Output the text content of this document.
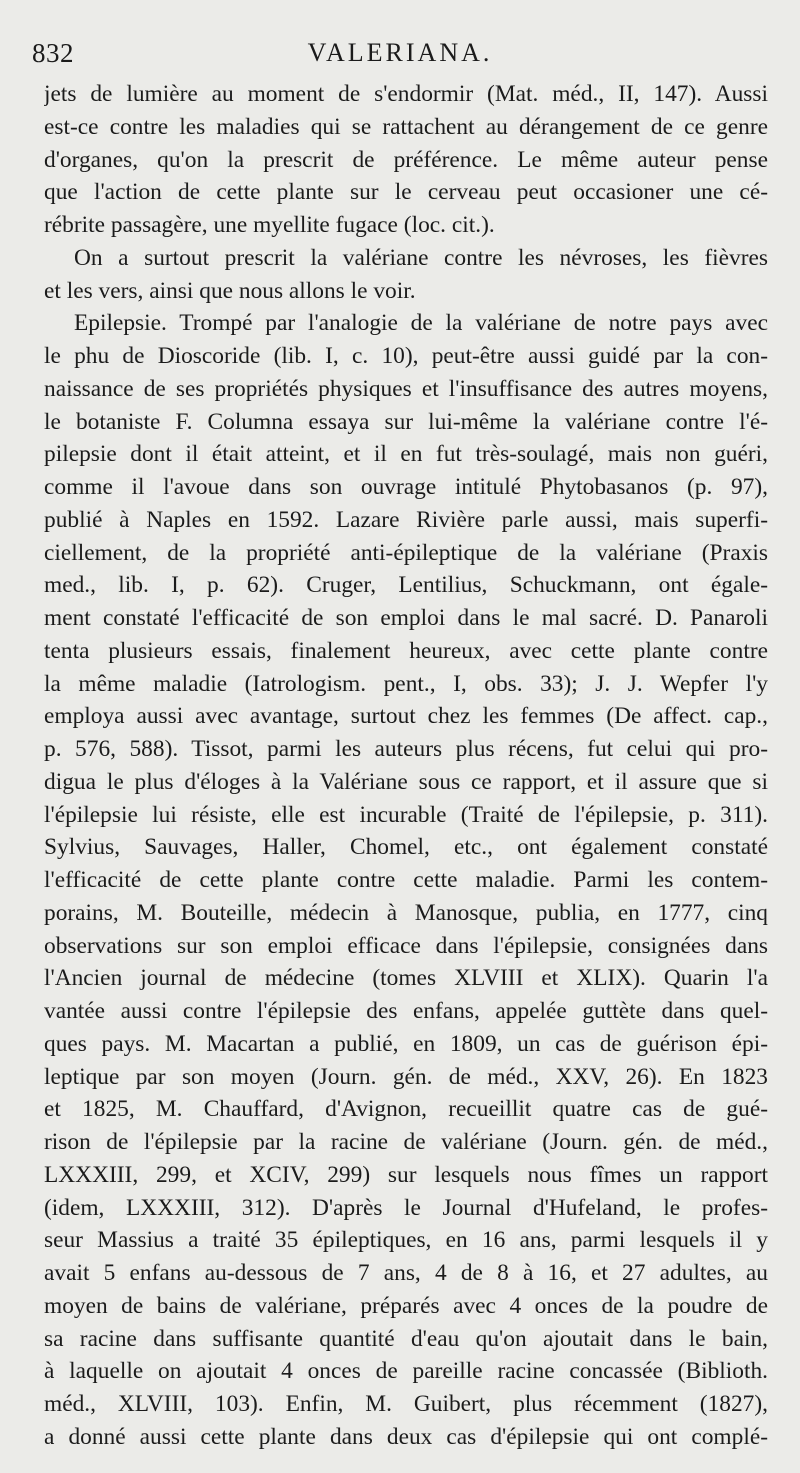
832	VALERIANA.
jets de lumière au moment de s'endormir (Mat. méd., II, 147). Aussi
est-ce contre les maladies qui se rattachent au dérangement de ce genre
d'organes, qu'on la prescrit de préférence. Le même auteur pense
que l'action de cette plante sur le cerveau peut occasioner une cé-
rébrite passagère, une myellite fugace (loc. cit.).
On a surtout prescrit la valériane contre les névroses, les fièvres
et les vers, ainsi que nous allons le voir.
Epilepsie. Trompé par l'analogie de la valériane de notre pays avec
le phu de Dioscoride (lib. I, c. 10), peut-être aussi guidé par la con-
naissance de ses propriétés physiques et l'insuffisance des autres moyens,
le botaniste F. Columna essaya sur lui-même la valériane contre l'é-
pilepsie dont il était atteint, et il en fut très-soulagé, mais non guéri,
comme il l'avoue dans son ouvrage intitulé Phytobasanos (p. 97),
publié à Naples en 1592. Lazare Rivière parle aussi, mais superfi-
ciellement, de la propriété anti-épileptique de la valériane (Praxis
med., lib. I, p. 62). Cruger, Lentilius, Schuckmann, ont égale-
ment constaté l'efficacité de son emploi dans le mal sacré. D. Panaroli
tenta plusieurs essais, finalement heureux, avec cette plante contre
la même maladie (Iatrologism. pent., I, obs. 33); J. J. Wepfer l'y
employa aussi avec avantage, surtout chez les femmes (De affect. cap.,
p. 576, 588). Tissot, parmi les auteurs plus récens, fut celui qui pro-
digua le plus d'éloges à la Valériane sous ce rapport, et il assure que si
l'épilepsie lui résiste, elle est incurable (Traité de l'épilepsie, p. 311).
Sylvius, Sauvages, Haller, Chomel, etc., ont également constaté
l'efficacité de cette plante contre cette maladie. Parmi les contem-
porains, M. Bouteille, médecin à Manosque, publia, en 1777, cinq
observations sur son emploi efficace dans l'épilepsie, consignées dans
l'Ancien journal de médecine (tomes XLVIII et XLIX). Quarin l'a
vantée aussi contre l'épilepsie des enfans, appelée guttète dans quel-
ques pays. M. Macartan a publié, en 1809, un cas de guérison épi-
leptique par son moyen (Journ. gén. de méd., XXV, 26). En 1823
et 1825, M. Chauffard, d'Avignon, recueillit quatre cas de gué-
rison de l'épilepsie par la racine de valériane (Journ. gén. de méd.,
LXXXIII, 299, et XCIV, 299) sur lesquels nous fîmes un rapport
(idem, LXXXIII, 312). D'après le Journal d'Hufeland, le profes-
seur Massius a traité 35 épileptiques, en 16 ans, parmi lesquels il y
avait 5 enfans au-dessous de 7 ans, 4 de 8 à 16, et 27 adultes, au
moyen de bains de valériane, préparés avec 4 onces de la poudre de
sa racine dans suffisante quantité d'eau qu'on ajoutait dans le bain,
à laquelle on ajoutait 4 onces de pareille racine concassée (Biblioth.
méd., XLVIII, 103). Enfin, M. Guibert, plus récemment (1827),
a donné aussi cette plante dans deux cas d'épilepsie qui ont complé-
